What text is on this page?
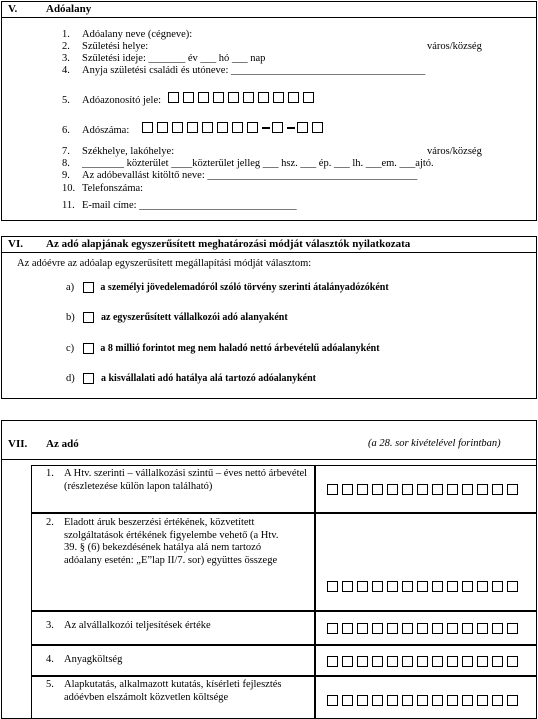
V.	Adóalany
1. Adóalany neve (cégneve):
2. Születési helye:	város/község
3. Születési ideje: _______ év ___ hó ___ nap
4. Anyja születési családi és utóneve: _____________________________________
5. Adóazonosító jele:
6. Adószáma:
7. Székhelye, lakóhelye:	város/község
8. ________ közterület ____közterület jelleg ___ hsz. ___ ép. ___ lh. ___em. ___ajtó.
9. Az adóbevallást kitöltő neve: ________________________________________
10. Telefonszáma:
11. E-mail címe: ______________________________
VI. Az adó alapjának egyszerűsített meghatározási módját választók nyilatkozata
Az adóévre az adóalap egyszerűsített megállapítási módját választom:
a)	a személyi jövedelemadóról szóló törvény szerinti átalányadózóként
b)	az egyszerűsített vállalkozói adó alanyaként
c)	a 8 millió forintot meg nem haladó nettó árbevételű adóalanyként
d)	a kisvállalati adó hatálya alá tartozó adóalanyként
VII. Az adó	(a 28. sor kivételével forintban)
1. A Htv. szerinti – vállalkozási szintű – éves nettó árbevétel (részletezése külön lapon található)
2. Eladott áruk beszerzési értékének, közvetített szolgáltatások értékének figyelembe vehető (a Htv. 39. § (6) bekezdésének hatálya alá nem tartozó adóalany esetén: „E”lap II/7. sor) együttes összege
3. Az alvállalkozói teljesítések értéke
4. Anyagköltség
5. Alapkutatás, alkalmazott kutatás, kísérleti fejlesztés adóévben elszámolt közvetlen költsége
